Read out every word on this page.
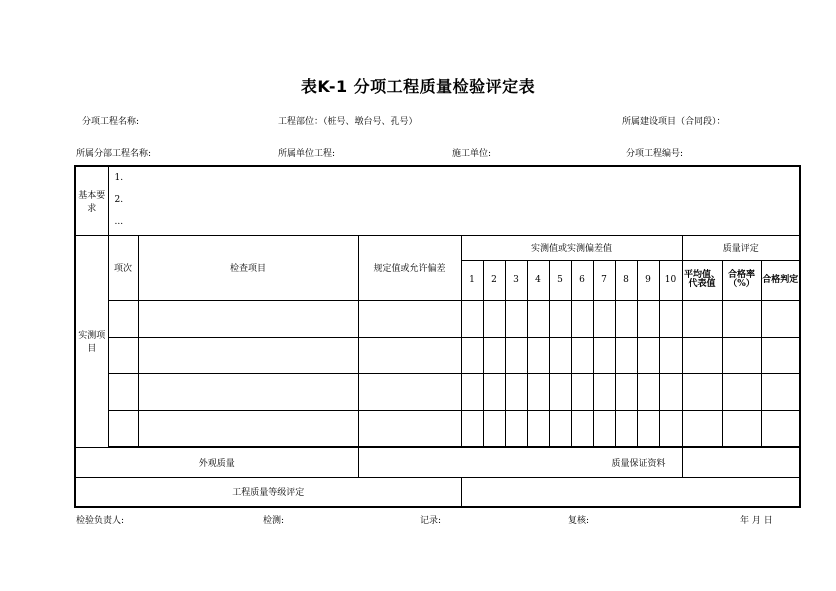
表K-1 分项工程质量检验评定表
分项工程名称:	工程部位：（桩号、墩台号、孔号）	所属建设项目（合同段）：
所属分部工程名称:	所属单位工程:	施工单位:	分项工程编号:
基本要求	1.
2.
...															

实测项目	项次	检查项目	规定值或允许偏差	实测值或实测偏差值										质量评定		
				1	2	3	4	5	6	7	8	9	10	平均值、代表值	合格率（%）	合格判定

外观质量			质量保证资料													
工程质量等级评定																
检验负责人:	检测:	记录:	复核:	年 月 日
